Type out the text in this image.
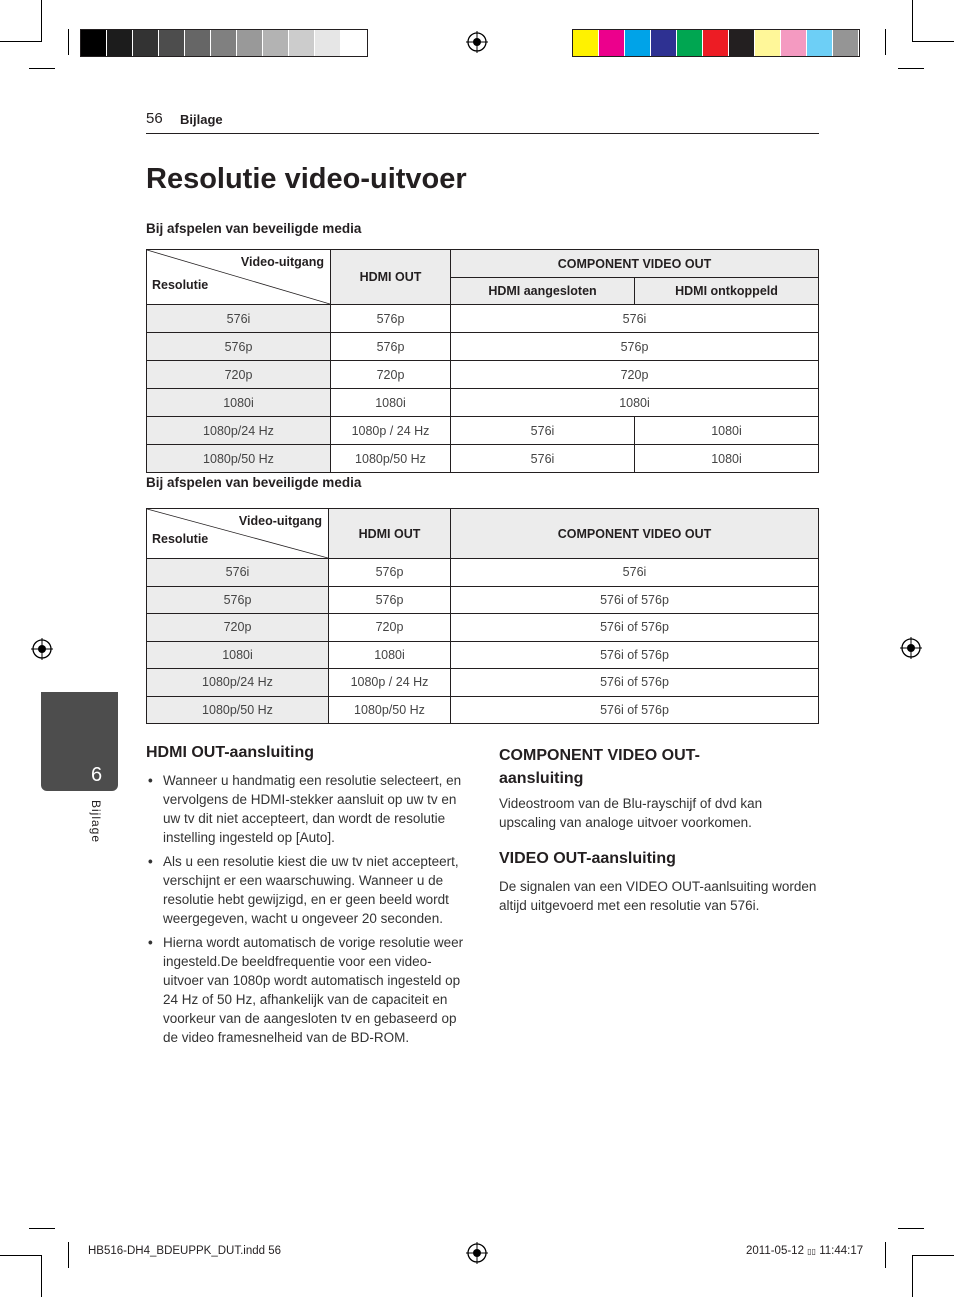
56 Bijlage
Resolutie video-uitvoer
Bij afspelen van beveiligde media
Video-uitgang
Resolutie	HDMI OUT	COMPONENT VIDEO OUT	
		HDMI aangesloten	HDMI ontkoppeld
576i	576p	576i	
576p	576p	576p	
720p	720p	720p	
1080i	1080i	1080i	
1080p/24 Hz	1080p / 24 Hz	576i	1080i
1080p/50 Hz	1080p/50 Hz	576i	1080i
Bij afspelen van beveiligde media
Video-uitgang
Resolutie	HDMI OUT	COMPONENT VIDEO OUT
576i	576p	576i
576p	576p	576i of 576p
720p	720p	576i of 576p
1080i	1080i	576i of 576p
1080p/24 Hz	1080p / 24 Hz	576i of 576p
1080p/50 Hz	1080p/50 Hz	576i of 576p
6
Bijlage
HDMI OUT-aansluiting
• Wanneer u handmatig een resolutie selecteert, en vervolgens de HDMI-stekker aansluit op uw tv en uw tv dit niet accepteert, dan wordt de resolutie instelling ingesteld op [Auto].
• Als u een resolutie kiest die uw tv niet accepteert, verschijnt er een waarschuwing. Wanneer u de resolutie hebt gewijzigd, en er geen beeld wordt weergegeven, wacht u ongeveer 20 seconden.
• Hierna wordt automatisch de vorige resolutie weer ingesteld.De beeldfrequentie voor een video-uitvoer van 1080p wordt automatisch ingesteld op 24 Hz of 50 Hz, afhankelijk van de capaciteit en voorkeur van de aangesloten tv en gebaseerd op de video framesnelheid van de BD-ROM.
COMPONENT VIDEO OUT-
aansluiting

Videostroom van de Blu-rayschijf of dvd kan upscaling van analoge uitvoer voorkomen.

VIDEO OUT-aansluiting

De signalen van een VIDEO OUT-aanlsuiting worden altijd uitgevoerd met een resolutie van 576i.

HB516-DH4_BDEUPPK_DUT.indd 56	2011-05-12 ▯▯ 11:44:17
